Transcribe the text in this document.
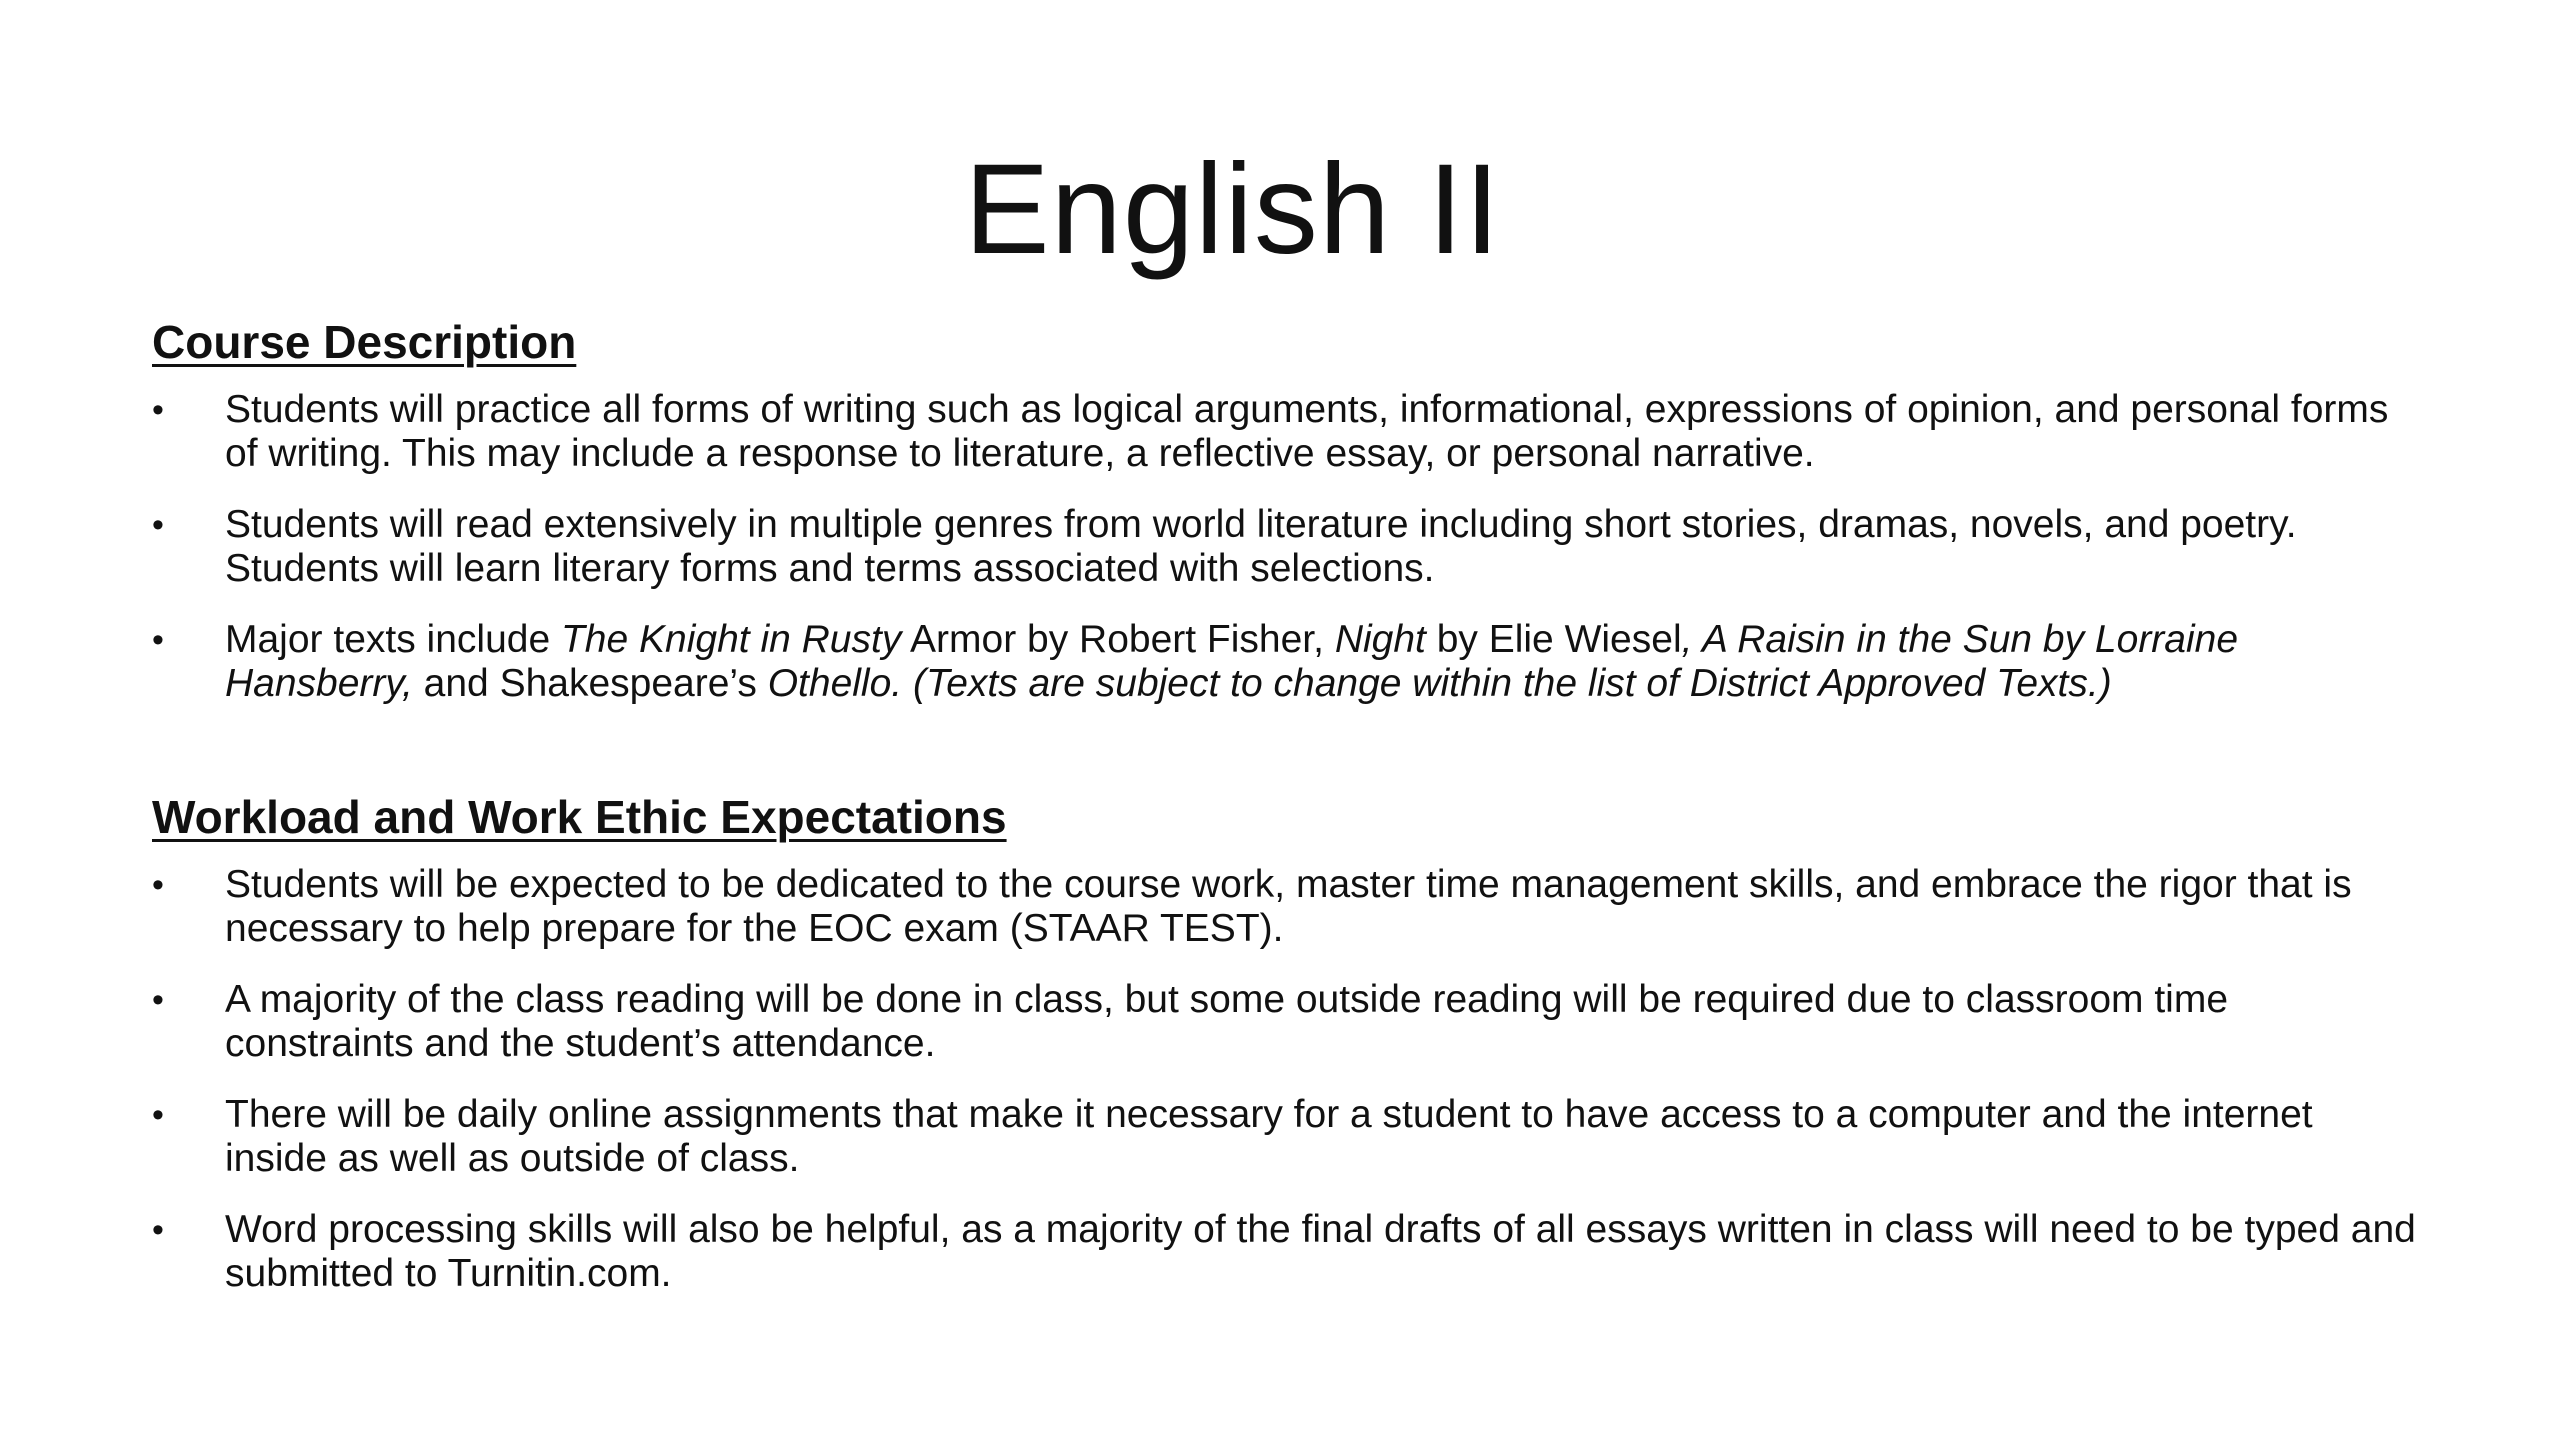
English II
Course Description
• Students will practice all forms of writing such as logical arguments, informational, expressions of opinion, and personal forms of writing. This may include a response to literature, a reflective essay, or personal narrative.
• Students will read extensively in multiple genres from world literature including short stories, dramas, novels, and poetry. Students will learn literary forms and terms associated with selections.
• Major texts include The Knight in Rusty Armor by Robert Fisher, Night by Elie Wiesel, A Raisin in the Sun by Lorraine Hansberry, and Shakespeare’s Othello. (Texts are subject to change within the list of District Approved Texts.)
Workload and Work Ethic Expectations
• Students will be expected to be dedicated to the course work, master time management skills, and embrace the rigor that is necessary to help prepare for the EOC exam (STAAR TEST).
• A majority of the class reading will be done in class, but some outside reading will be required due to classroom time constraints and the student’s attendance.
• There will be daily online assignments that make it necessary for a student to have access to a computer and the internet inside as well as outside of class.
• Word processing skills will also be helpful, as a majority of the final drafts of all essays written in class will need to be typed and submitted to Turnitin.com.
